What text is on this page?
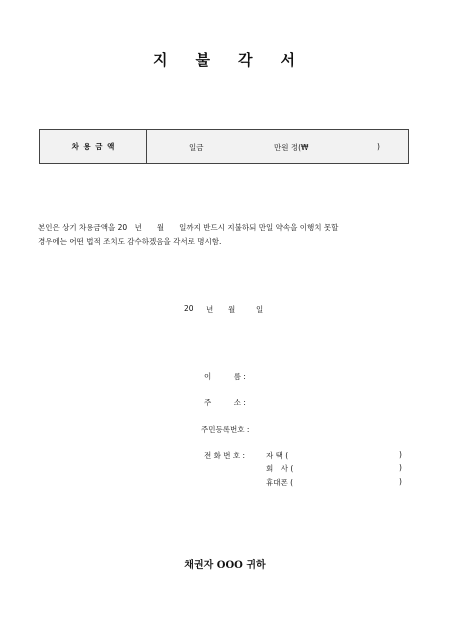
지 불 각 서
차 용 금 액	일금	만원 정(₩	)
본인은 상기 차용금액을 20　년　　월　　일까지 반드시 지불하되 만일 약속을 이행치 못할
경우에는 어떤 법적 조치도 감수하겠음을 각서로 명시함.
20 년 월	일
이　　　름 :
주　　　소 :
주민등록번호 :
전 화 번 호 :	자 택 (	)
회　사 (	)
휴대폰 (	)
채권자 OOO 귀하
